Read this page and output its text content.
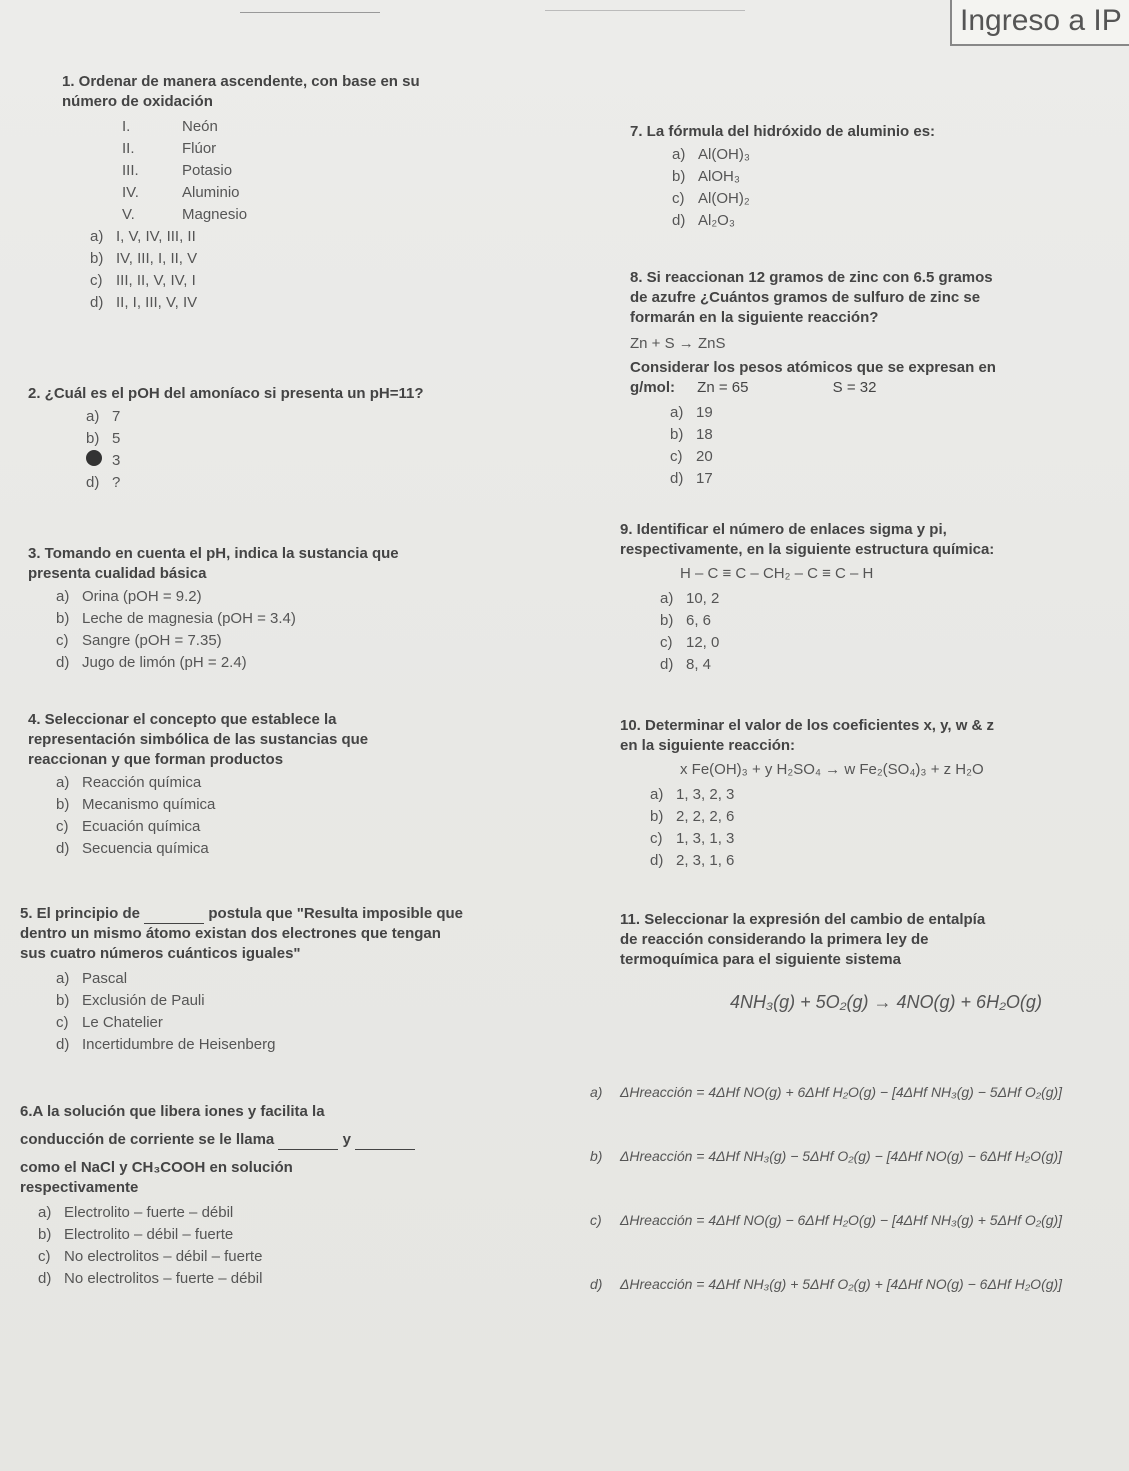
Ingreso a IP
1. Ordenar de manera ascendente, con base en su
número de oxidación
I.	Neón
II.	Flúor
III.	Potasio
IV.	Aluminio
V.	Magnesio
a) I, V, IV, III, II
b) IV, III, I, II, V
c) III, II, V, IV, I
d) II, I, III, V, IV
2. ¿Cuál es el pOH del amoníaco si presenta un pH=11?
a) 7
b) 5
3
d) ?
3. Tomando en cuenta el pH, indica la sustancia que
presenta cualidad básica
a) Orina (pOH = 9.2)
b) Leche de magnesia (pOH = 3.4)
c) Sangre (pOH = 7.35)
d) Jugo de limón (pH = 2.4)
4. Seleccionar el concepto que establece la
representación simbólica de las sustancias que
reaccionan y que forman productos
a) Reacción química
b) Mecanismo química
c) Ecuación química
d) Secuencia química
5. El principio de	postula que "Resulta imposible que
dentro un mismo átomo existan dos electrones que tengan
sus cuatro números cuánticos iguales"
a) Pascal
b) Exclusión de Pauli
c) Le Chatelier
d) Incertidumbre de Heisenberg
6.A la solución que libera iones y facilita la
conducción de corriente se le llama	y
como el NaCl y CH₃COOH en solución
respectivamente
a) Electrolito – fuerte – débil
b) Electrolito – débil – fuerte
c) No electrolitos – débil – fuerte
d) No electrolitos – fuerte – débil
7. La fórmula del hidróxido de aluminio es:
a) Al(OH)₃
b) AlOH₃
c) Al(OH)₂
d) Al₂O₃
8. Si reaccionan 12 gramos de zinc con 6.5 gramos
de azufre ¿Cuántos gramos de sulfuro de zinc se
formarán en la siguiente reacción?
Zn + S → ZnS
Considerar los pesos atómicos que se expresan en
g/mol: Zn = 65	S = 32
a) 19
b) 18
c) 20
d) 17
9. Identificar el número de enlaces sigma y pi,
respectivamente, en la siguiente estructura química:
H – C ≡ C – CH₂ – C ≡ C – H
a) 10, 2
b) 6, 6
c) 12, 0
d) 8, 4
10. Determinar el valor de los coeficientes x, y, w & z
en la siguiente reacción:
x Fe(OH)₃ + y H₂SO₄ → w Fe₂(SO₄)₃ + z H₂O
a) 1, 3, 2, 3
b) 2, 2, 2, 6
c) 1, 3, 1, 3
d) 2, 3, 1, 6
11. Seleccionar la expresión del cambio de entalpía
de reacción considerando la primera ley de
termoquímica para el siguiente sistema
4NH₃(g) + 5O₂(g) → 4NO(g) + 6H₂O(g)
a)	ΔHreacción = 4ΔHf NO(g) + 6ΔHf H₂O(g) − [4ΔHf NH₃(g) − 5ΔHf O₂(g)]
b)	ΔHreacción = 4ΔHf NH₃(g) − 5ΔHf O₂(g) − [4ΔHf NO(g) − 6ΔHf H₂O(g)]
c)	ΔHreacción = 4ΔHf NO(g) − 6ΔHf H₂O(g) − [4ΔHf NH₃(g) + 5ΔHf O₂(g)]
d)	ΔHreacción = 4ΔHf NH₃(g) + 5ΔHf O₂(g) + [4ΔHf NO(g) − 6ΔHf H₂O(g)]
